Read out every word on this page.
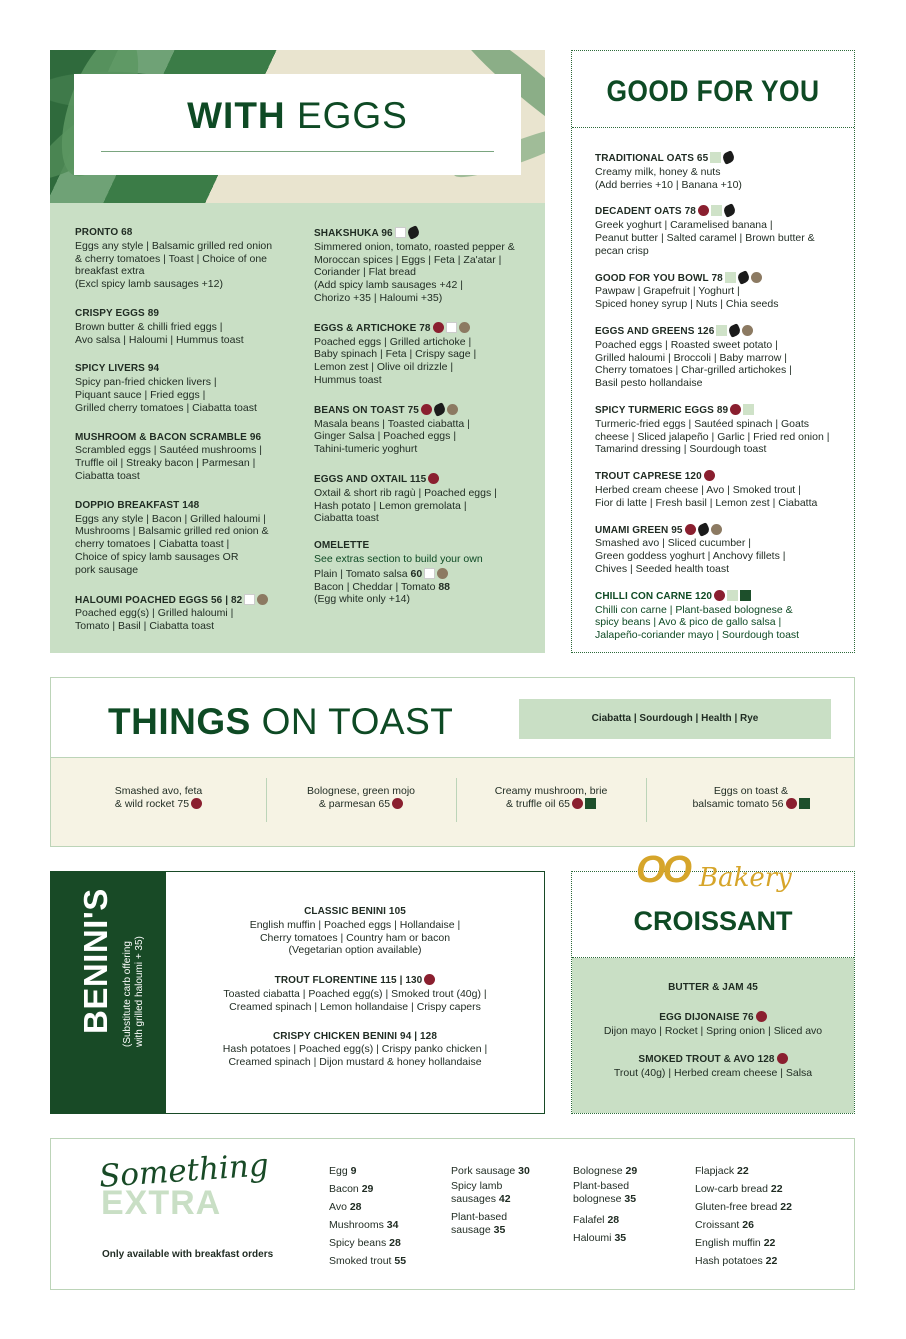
WITH EGGS
PRONTO 68
Eggs any style | Balsamic grilled red onion
& cherry tomatoes | Toast | Choice of one
breakfast extra
(Excl spicy lamb sausages +12)
CRISPY EGGS 89
Brown butter & chilli fried eggs |
Avo salsa | Haloumi | Hummus toast
SPICY LIVERS 94
Spicy pan-fried chicken livers |
Piquant sauce | Fried eggs |
Grilled cherry tomatoes | Ciabatta toast
MUSHROOM & BACON SCRAMBLE 96
Scrambled eggs | Sautéed mushrooms |
Truffle oil | Streaky bacon | Parmesan |
Ciabatta toast
DOPPIO BREAKFAST 148
Eggs any style | Bacon | Grilled haloumi |
Mushrooms | Balsamic grilled red onion &
cherry tomatoes | Ciabatta toast |
Choice of spicy lamb sausages OR
pork sausage
HALOUMI POACHED EGGS 56 | 82
Poached egg(s) | Grilled haloumi |
Tomato | Basil | Ciabatta toast
SHAKSHUKA 96
Simmered onion, tomato, roasted pepper &
Moroccan spices | Eggs | Feta | Za'atar |
Coriander | Flat bread
(Add spicy lamb sausages +42 |
Chorizo +35 | Haloumi +35)
EGGS & ARTICHOKE 78
Poached eggs | Grilled artichoke |
Baby spinach | Feta | Crispy sage |
Lemon zest | Olive oil drizzle |
Hummus toast
BEANS ON TOAST 75
Masala beans | Toasted ciabatta |
Ginger Salsa | Poached eggs |
Tahini-tumeric yoghurt
EGGS AND OXTAIL 115
Oxtail & short rib ragù | Poached eggs |
Hash potato | Lemon gremolata |
Ciabatta toast
OMELETTE
See extras section to build your own
Plain | Tomato salsa 60
Bacon | Cheddar | Tomato 88
(Egg white only +14)
GOOD FOR YOU
TRADITIONAL OATS 65
Creamy milk, honey & nuts
(Add berries +10 | Banana +10)
DECADENT OATS 78
Greek yoghurt | Caramelised banana |
Peanut butter | Salted caramel | Brown butter &
pecan crisp
GOOD FOR YOU BOWL 78
Pawpaw | Grapefruit | Yoghurt |
Spiced honey syrup | Nuts | Chia seeds
EGGS AND GREENS 126
Poached eggs | Roasted sweet potato |
Grilled haloumi | Broccoli | Baby marrow |
Cherry tomatoes | Char-grilled artichokes |
Basil pesto hollandaise
SPICY TURMERIC EGGS 89
Turmeric-fried eggs | Sautéed spinach | Goats
cheese | Sliced jalapeño | Garlic | Fried red onion |
Tamarind dressing | Sourdough toast
TROUT CAPRESE 120
Herbed cream cheese | Avo | Smoked trout |
Fior di latte | Fresh basil | Lemon zest | Ciabatta
UMAMI GREEN 95
Smashed avo | Sliced cucumber |
Green goddess yoghurt | Anchovy fillets |
Chives | Seeded health toast
CHILLI CON CARNE 120
Chilli con carne | Plant-based bolognese &
spicy beans | Avo & pico de gallo salsa |
Jalapeño-coriander mayo | Sourdough toast
THINGS ON TOAST	Ciabatta | Sourdough | Health | Rye
Smashed avo, feta
& wild rocket 75
Bolognese, green mojo
& parmesan 65
Creamy mushroom, brie
& truffle oil 65
Eggs on toast &
balsamic tomato 56
BENINI'S (Substitute carb offering with grilled haloumi + 35)
CLASSIC BENINI 105
English muffin | Poached eggs | Hollandaise |
Cherry tomatoes | Country ham or bacon
(Vegetarian option available)
TROUT FLORENTINE 115 | 130
Toasted ciabatta | Poached egg(s) | Smoked trout (40g) |
Creamed spinach | Lemon hollandaise | Crispy capers
CRISPY CHICKEN BENINI 94 | 128
Hash potatoes | Poached egg(s) | Crispy panko chicken |
Creamed spinach | Dijon mustard & honey hollandaise
OO Bakery
CROISSANT
BUTTER & JAM 45
EGG DIJONAISE 76
Dijon mayo | Rocket | Spring onion | Sliced avo
SMOKED TROUT & AVO 128
Trout (40g) | Herbed cream cheese | Salsa
EXTRA
Something
Only available with breakfast orders
Egg 9
Bacon 29
Avo 28
Mushrooms 34
Spicy beans 28
Smoked trout 55
Pork sausage 30
Spicy lamb
sausages 42
Plant-based
sausage 35
Bolognese 29
Plant-based
bolognese 35
Falafel 28
Haloumi 35
Flapjack 22
Low-carb bread 22
Gluten-free bread 22
Croissant 26
English muffin 22
Hash potatoes 22
